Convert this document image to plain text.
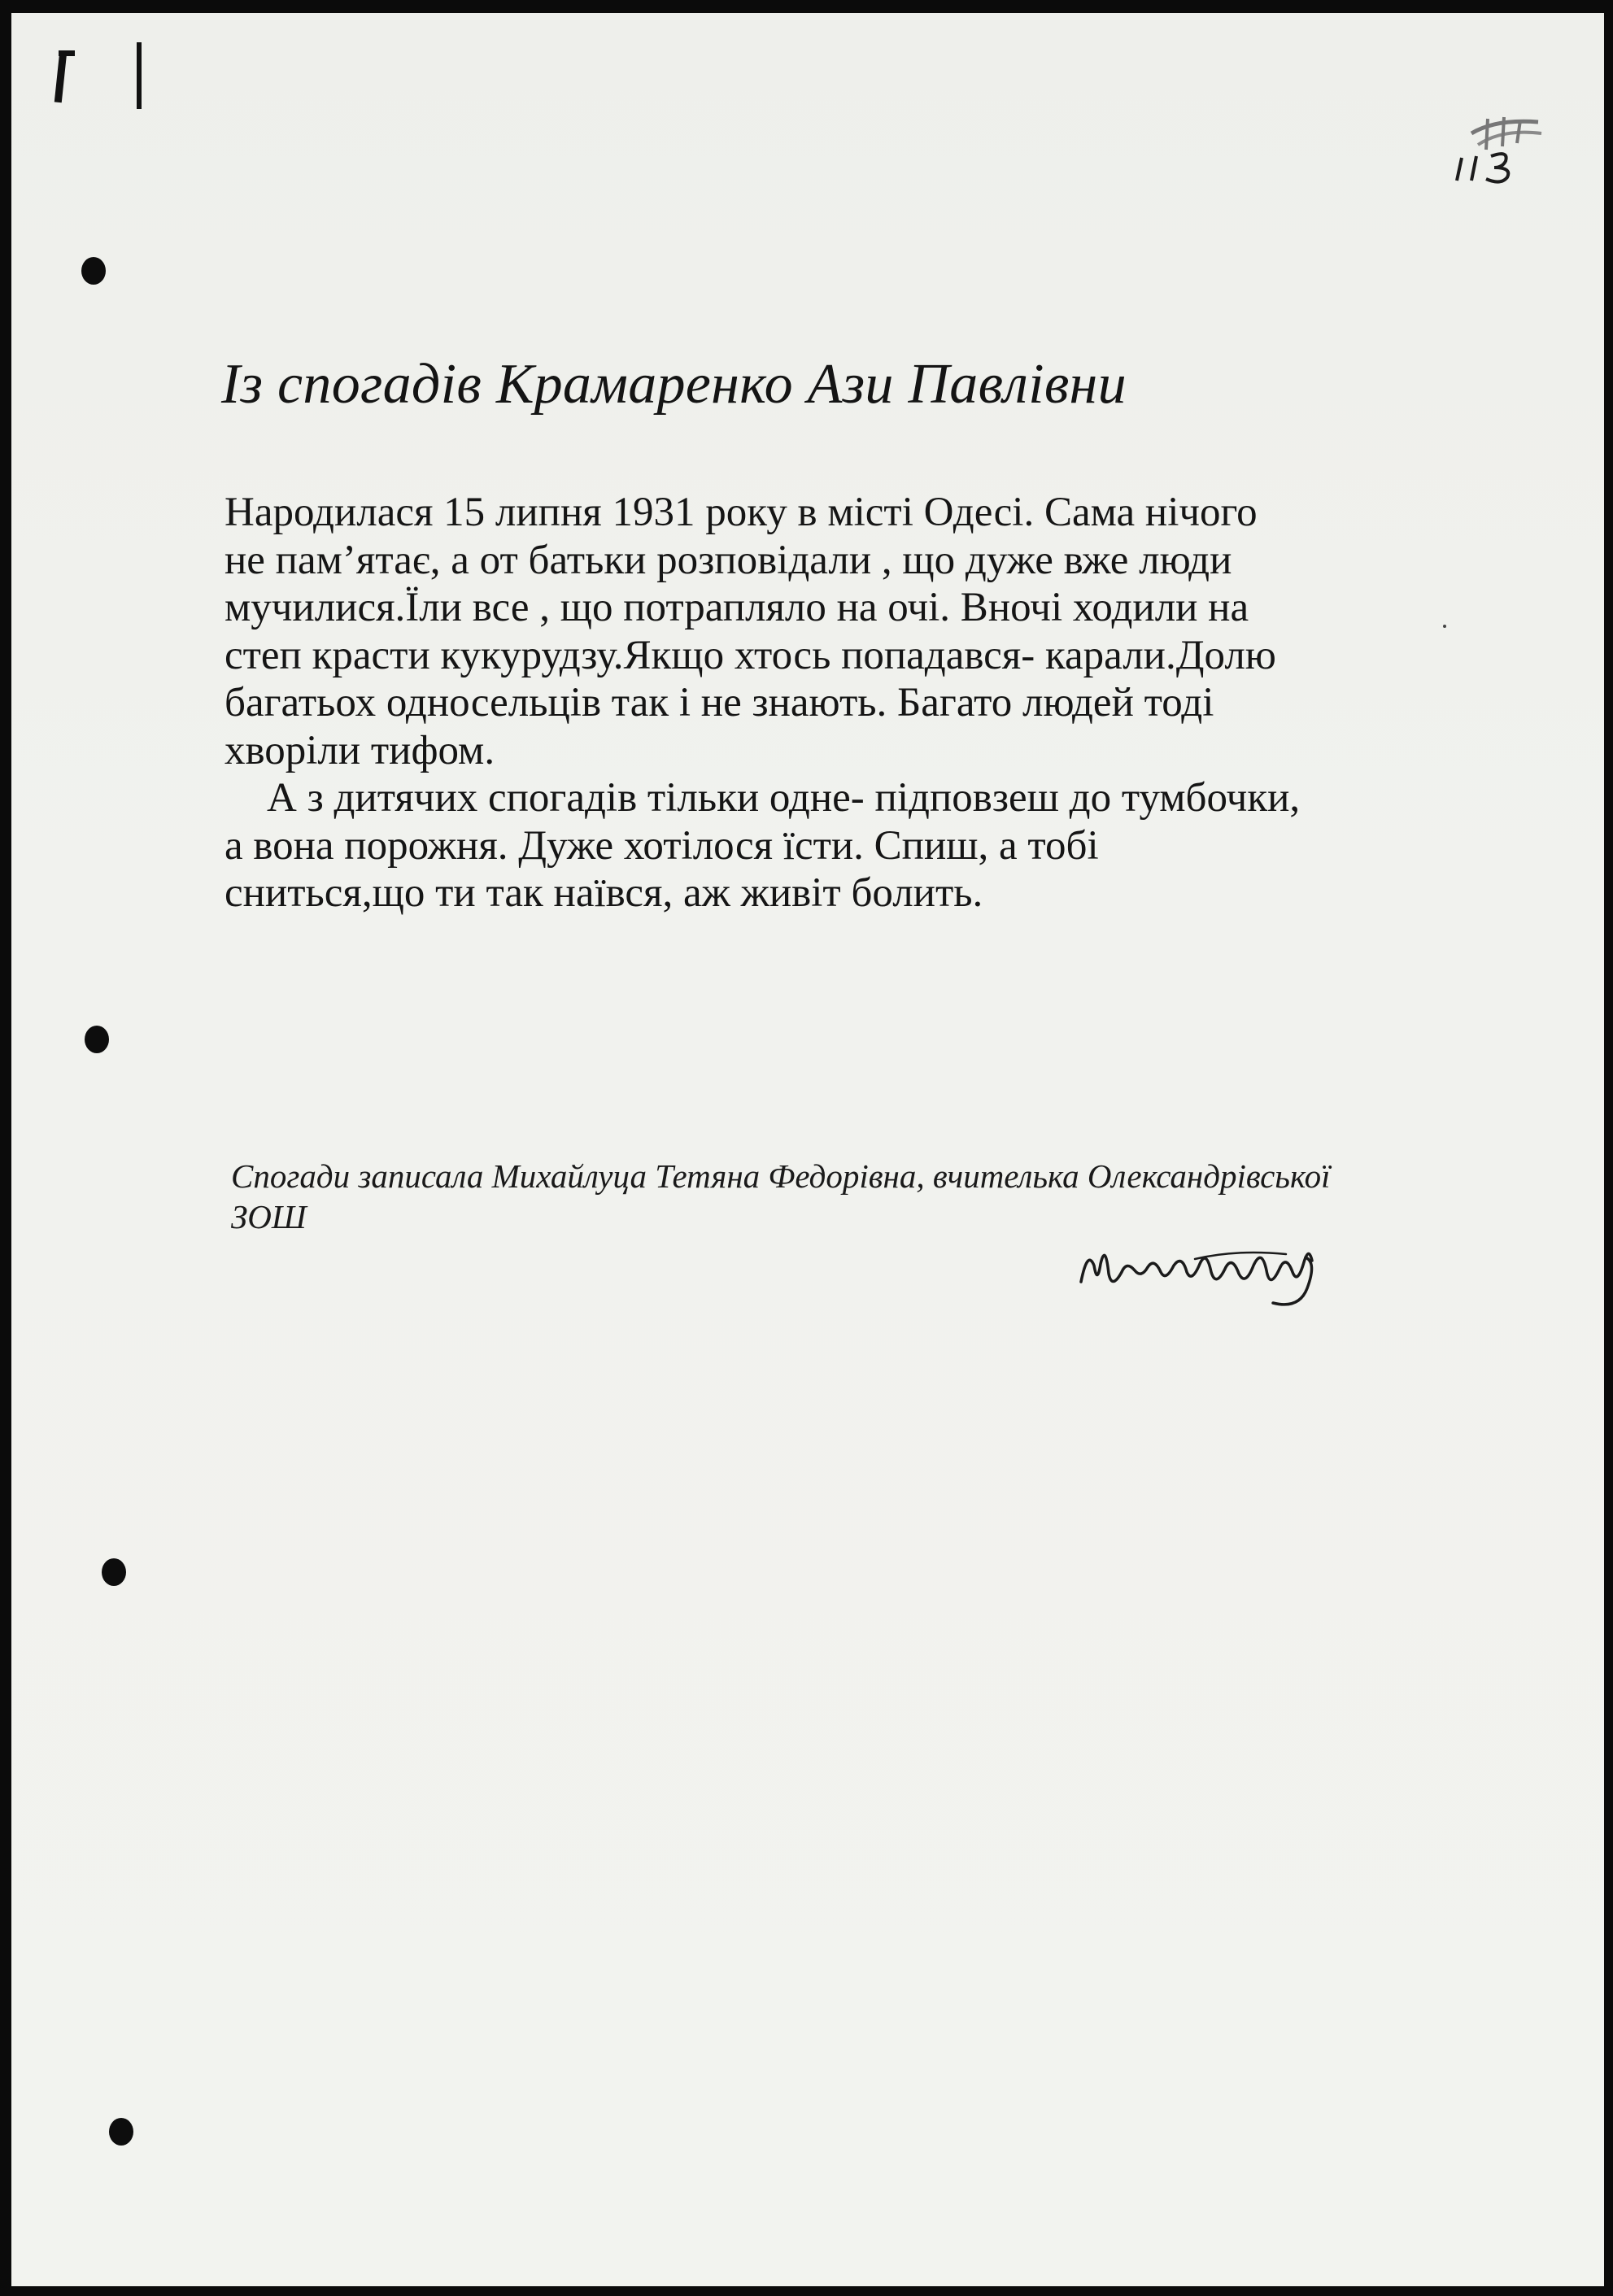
113
Із спогадів Крамаренко Ази Павлівни
Народилася 15 липня 1931 року в місті Одесі. Сама нічого
не пам’ятає, а от батьки розповідали , що дуже вже люди
мучилися.Їли все , що потрапляло на очі. Вночі ходили на
степ красти кукурудзу.Якщо хтось попадався- карали.Долю
багатьох односельців так і не знають. Багато людей тоді
хворіли тифом.
А з дитячих спогадів тільки одне- підповзеш до тумбочки,
а вона порожня. Дуже хотілося їсти. Спиш, а тобі
сниться,що ти так наївся, аж живіт болить.
Спогади записала Михайлуца Тетяна Федорівна, вчителька Олександрівської
ЗОШ
